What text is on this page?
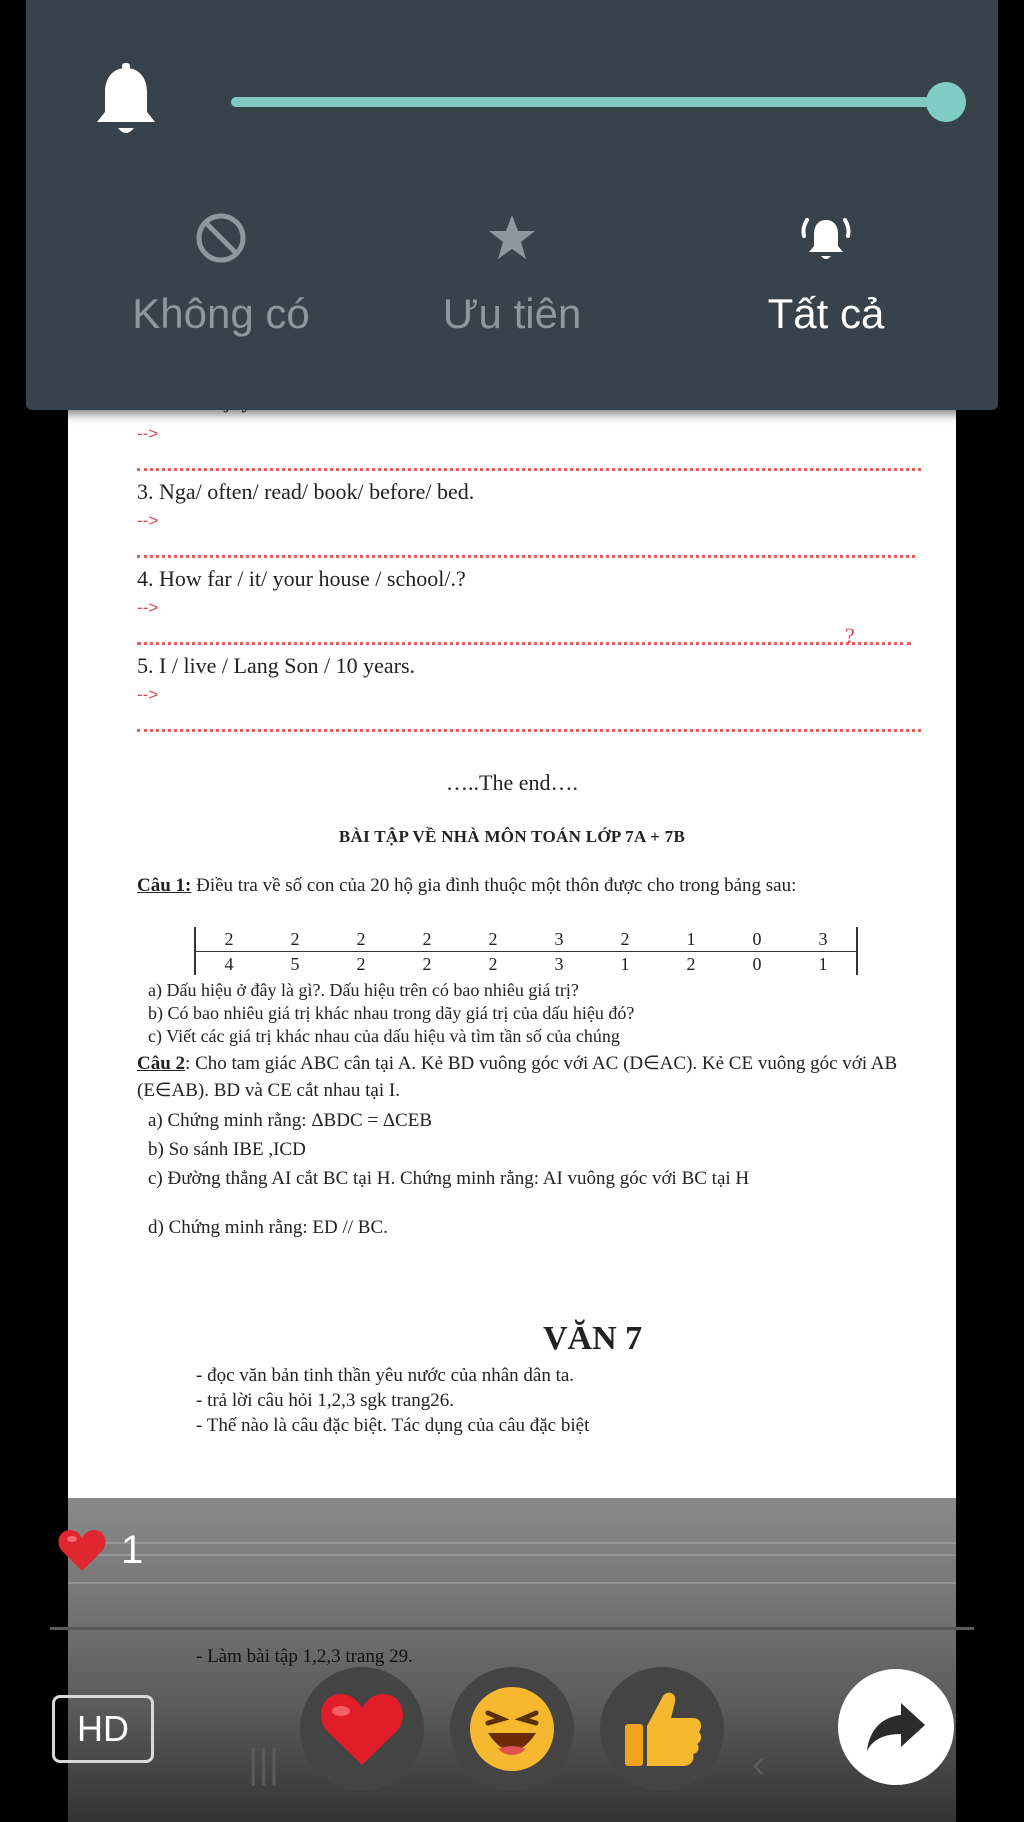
-->
3. Nga/ often/ read/ book/ before/ bed.
-->
4. How far / it/ your house / school/.?
-->
?
5. I / live / Lang Son / 10 years.
-->
…..The end….
BÀI TẬP VỀ NHÀ MÔN TOÁN LỚP 7A + 7B
Câu 1: Điều tra về số con của 20 hộ gia đình thuộc một thôn được cho trong bảng sau:
2	2	2	2	2	3	2	1	0	3
4	5	2	2	2	3	1	2	0	1
a) Dấu hiệu ở đây là gì?. Dấu hiệu trên có bao nhiêu giá trị?
b) Có bao nhiêu giá trị khác nhau trong dãy giá trị của dấu hiệu đó?
c) Viết các giá trị khác nhau của dấu hiệu và tìm tần số của chúng
Câu 2: Cho tam giác ABC cân tại A. Kẻ BD vuông góc với AC (D∈AC). Kẻ CE vuông góc với AB (E∈AB). BD và CE cắt nhau tại I.
a) Chứng minh rằng: ΔBDC = ΔCEB
b) So sánh IBE ,ICD
c) Đường thẳng AI cắt BC tại H. Chứng minh rằng: AI vuông góc với BC tại H
d) Chứng minh rằng: ED // BC.
VĂN 7
- đọc văn bản tinh thần yêu nước của nhân dân ta.
- trả lời câu hỏi 1,2,3 sgk trang26.
- Thế nào là câu đặc biệt. Tác dụng của câu đặc biệt
- Làm bài tập 1,2,3 trang 29.
1
HD
|||	‹
Không có	Ưu tiên	Tất cả
